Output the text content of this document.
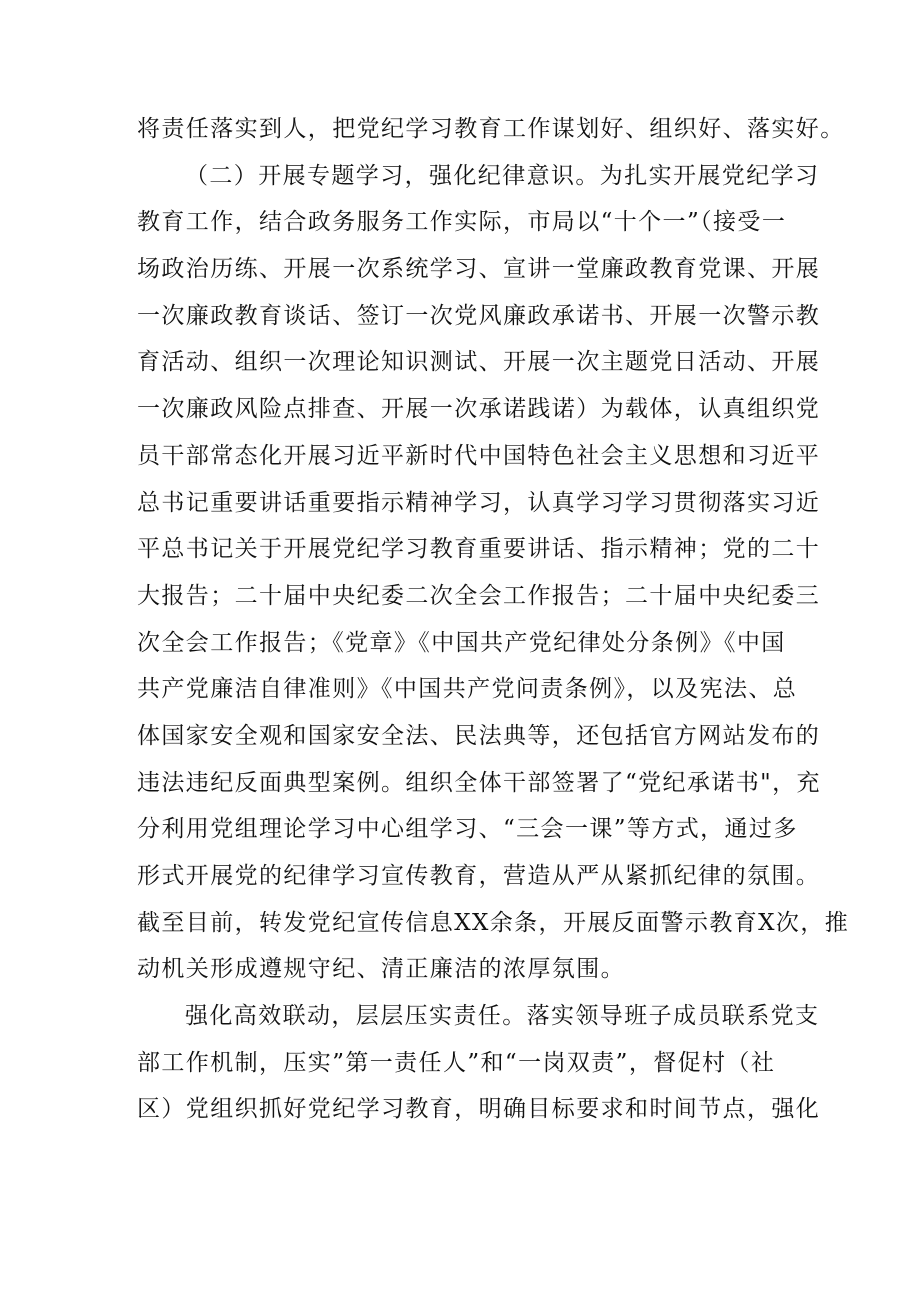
将责任落实到人，把党纪学习教育工作谋划好、组织好、落实好。
（二）开展专题学习，强化纪律意识。为扎实开展党纪学习
教育工作，结合政务服务工作实际，市局以“十个一”（接受一
场政治历练、开展一次系统学习、宣讲一堂廉政教育党课、开展
一次廉政教育谈话、签订一次党风廉政承诺书、开展一次警示教
育活动、组织一次理论知识测试、开展一次主题党日活动、开展
一次廉政风险点排查、开展一次承诺践诺）为载体，认真组织党
员干部常态化开展习近平新时代中国特色社会主义思想和习近平
总书记重要讲话重要指示精神学习，认真学习学习贯彻落实习近
平总书记关于开展党纪学习教育重要讲话、指示精神；党的二十
大报告；二十届中央纪委二次全会工作报告；二十届中央纪委三
次全会工作报告；《党章》《中国共产党纪律处分条例》《中国
共产党廉洁自律准则》《中国共产党问责条例》，以及宪法、总
体国家安全观和国家安全法、民法典等，还包括官方网站发布的
违法违纪反面典型案例。组织全体干部签署了“党纪承诺书"，充
分利用党组理论学习中心组学习、“三会一课”等方式，通过多
形式开展党的纪律学习宣传教育，营造从严从紧抓纪律的氛围。
截至目前，转发党纪宣传信息XX余条，开展反面警示教育X次，推
动机关形成遵规守纪、清正廉洁的浓厚氛围。
强化高效联动，层层压实责任。落实领导班子成员联系党支
部工作机制，压实”第一责任人”和“一岗双责”，督促村（社
区）党组织抓好党纪学习教育，明确目标要求和时间节点，强化
